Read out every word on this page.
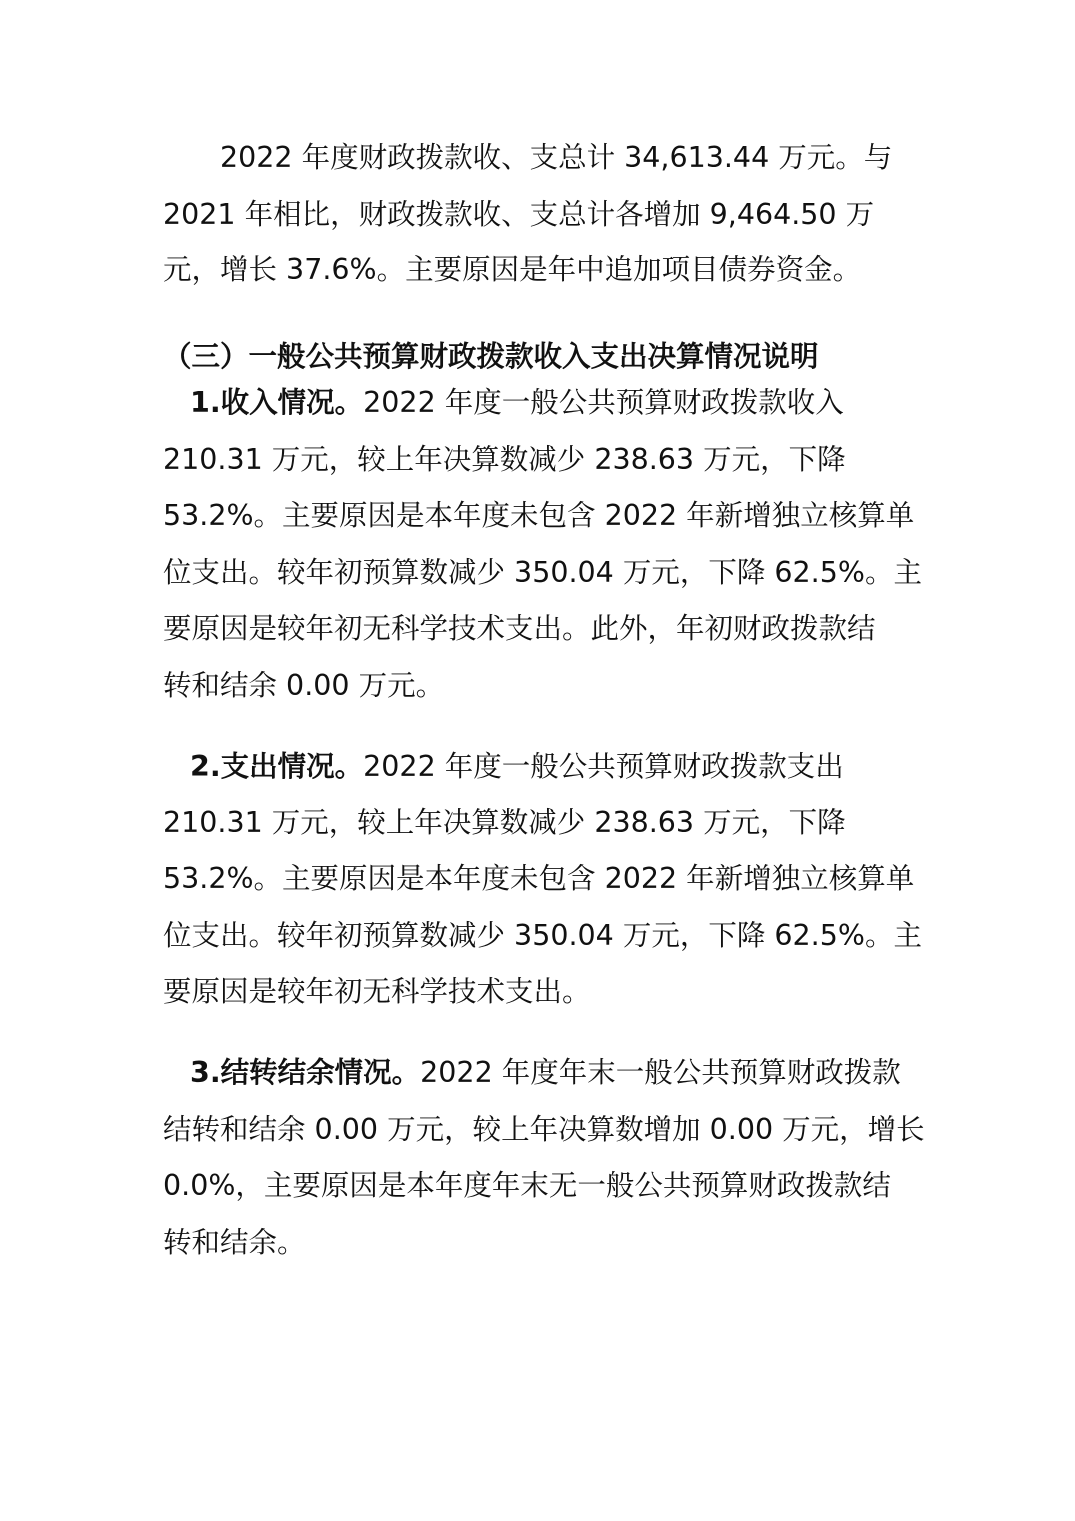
2022 年度财政拨款收、支总计 34,613.44 万元。与
2021 年相比，财政拨款收、支总计各增加 9,464.50 万
元，增长 37.6%。主要原因是年中追加项目债券资金。
（三）一般公共预算财政拨款收入支出决算情况说明
1.收入情况。2022 年度一般公共预算财政拨款收入
210.31 万元，较上年决算数减少 238.63 万元，下降
53.2%。主要原因是本年度未包含 2022 年新增独立核算单
位支出。较年初预算数减少 350.04 万元，下降 62.5%。主
要原因是较年初无科学技术支出。此外，年初财政拨款结
转和结余 0.00 万元。
2.支出情况。2022 年度一般公共预算财政拨款支出
210.31 万元，较上年决算数减少 238.63 万元，下降
53.2%。主要原因是本年度未包含 2022 年新增独立核算单
位支出。较年初预算数减少 350.04 万元，下降 62.5%。主
要原因是较年初无科学技术支出。
3.结转结余情况。2022 年度年末一般公共预算财政拨款
结转和结余 0.00 万元，较上年决算数增加 0.00 万元，增长
0.0%，主要原因是本年度年末无一般公共预算财政拨款结
转和结余。
